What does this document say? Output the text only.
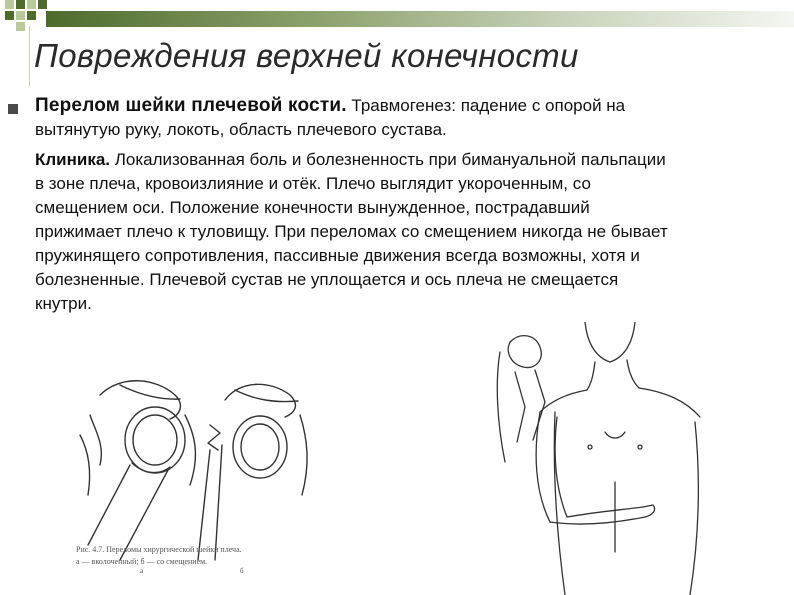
Повреждения верхней конечности

Перелом шейки плечевой кости. Травмогенез: падение с опорой на
вытянутую руку, локоть, область плечевого сустава.

Клиника. Локализованная боль и болезненность при бимануальной пальпации
в зоне плеча, кровоизлияние и отёк. Плечо выглядит укороченным, со
смещением оси. Положение конечности вынужденное, пострадавший
прижимает плечо к туловищу. При переломах со смещением никогда не бывает
пружинящего сопротивления, пассивные движения всегда возможны, хотя и
болезненные. Плечевой сустав не уплощается и ось плеча не смещается
кнутри.

а	б
Рис. 4.7. Переломы хирургической шейки плеча.
а — вколоченный; б — со смещением.
